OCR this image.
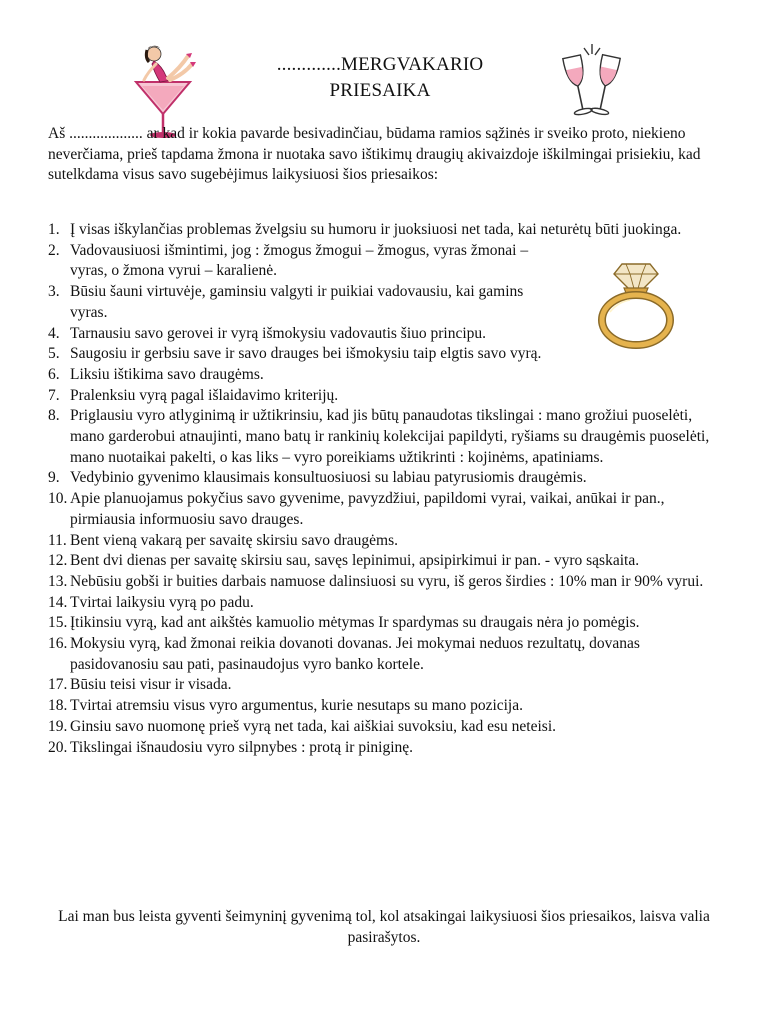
.............MERGVAKARIO
PRIESAIKA
Aš ................... ar kad ir kokia pavarde besivadinčiau, būdama ramios sąžinės ir sveiko proto, niekieno neverčiama, prieš tapdama žmona ir nuotaka savo ištikimų draugių akivaizdoje iškilmingai prisiekiu, kad sutelkdama visus savo sugebėjimus laikysiuosi šios priesaikos:
1. Į visas iškylančias problemas žvelgsiu su humoru ir juoksiuosi net tada, kai neturėtų būti juokinga.
2. Vadovausiuosi išmintimi, jog : žmogus žmogui – žmogus, vyras žmonai – vyras, o žmona vyrui – karalienė.
3. Būsiu šauni virtuvėje, gaminsiu valgyti ir puikiai vadovausiu, kai gamins vyras.
4. Tarnausiu savo gerovei ir vyrą išmokysiu vadovautis šiuo principu.
5. Saugosiu ir gerbsiu save ir savo drauges bei išmokysiu taip elgtis savo vyrą.
6. Liksiu ištikima savo draugėms.
7. Pralenksiu vyrą pagal išlaidavimo kriterijų.
8. Priglausiu vyro atlyginimą ir užtikrinsiu, kad jis būtų panaudotas tikslingai : mano grožiui puoselėti, mano garderobui atnaujinti, mano batų ir rankinių kolekcijai papildyti, ryšiams su draugėmis puoselėti, mano nuotaikai pakelti, o kas liks – vyro poreikiams užtikrinti : kojinėms, apatiniams.
9. Vedybinio gyvenimo klausimais konsultuosiuosi su labiau patyrusiomis draugėmis.
10. Apie planuojamus pokyčius savo gyvenime, pavyzdžiui, papildomi vyrai, vaikai, anūkai ir pan., pirmiausia informuosiu savo drauges.
11. Bent vieną vakarą per savaitę skirsiu savo draugėms.
12. Bent dvi dienas per savaitę skirsiu sau, savęs lepinimui, apsipirkimui ir pan. - vyro sąskaita.
13. Nebūsiu gobši ir buities darbais namuose dalinsiuosi su vyru, iš geros širdies : 10% man ir 90% vyrui.
14. Tvirtai laikysiu vyrą po padu.
15. Įtikinsiu vyrą, kad ant aikštės kamuolio mėtymas Ir spardymas su draugais nėra jo pomėgis.
16. Mokysiu vyrą, kad žmonai reikia dovanoti dovanas. Jei mokymai neduos rezultatų, dovanas pasidovanosiu sau pati, pasinaudojus vyro banko kortele.
17. Būsiu teisi visur ir visada.
18. Tvirtai atremsiu visus vyro argumentus, kurie nesutaps su mano pozicija.
19. Ginsiu savo nuomonę prieš vyrą net tada, kai aiškiai suvoksiu, kad esu neteisi.
20. Tikslingai išnaudosiu vyro silpnybes : protą ir piniginę.
Lai man bus leista gyventi šeimyninį gyvenimą tol, kol atsakingai laikysiuosi šios priesaikos, laisva valia pasirašytos.
